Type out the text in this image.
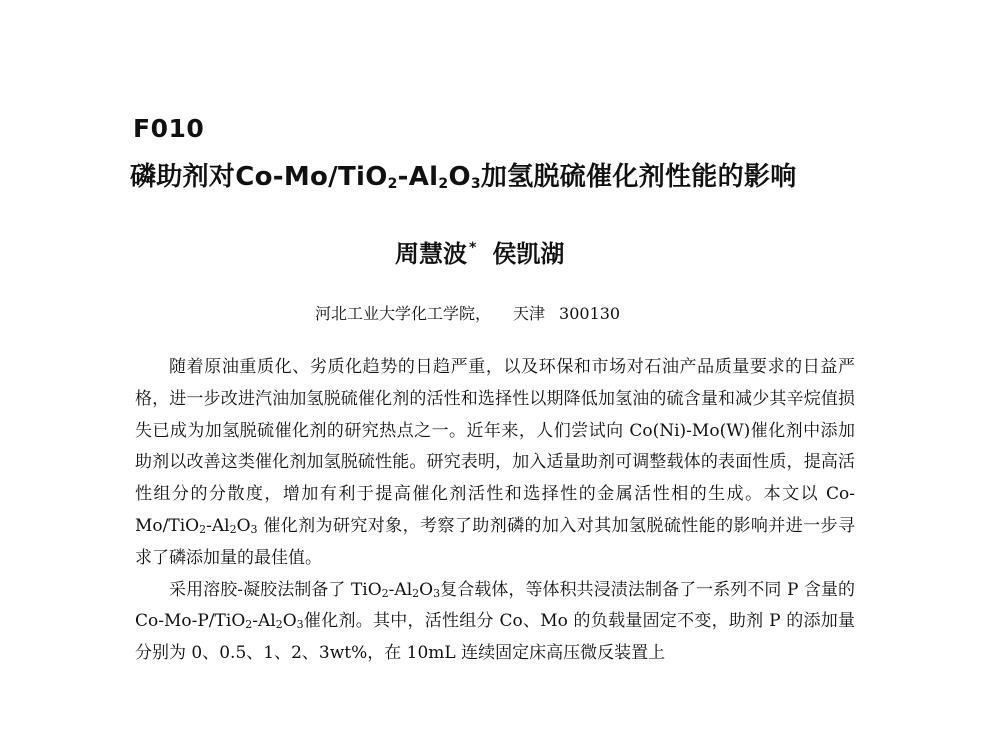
F010
磷助剂对$Co-Mo/TiO_2-Al_2O_3$加氢脱硫催化剂性能的影响
周慧波 * 侯凯湖
河北工业大学化工学院， 天津 300130

随着原油重质化、劣质化趋势的日趋严重，以及环保和市场对石油产品质量要求的日益严格，进一步改进汽油加氢脱硫催化剂的活性和选择性以期降低加氢油的硫含量和减少其辛烷值损失已成为加氢脱硫催化剂的研究热点之一。近年来，人们尝试向 Co(Ni)-Mo(W)催化剂中添加助剂以改善这类催化剂加氢脱硫性能。研究表明，加入适量助剂可调整载体的表面性质，提高活性组分的分散度，增加有利于提高催化剂活性和选择性的金属活性相的生成。本文以 $Co-Mo/TiO_2-Al_2O_3$ 催化剂为研究对象，考察了助剂磷的加入对其加氢脱硫性能的影响并进一步寻求了磷添加量的最佳值。

采用溶胶-凝胶法制备了 $TiO_2-Al_2O_3$复合载体，等体积共浸渍法制备了一系列不同 P 含量的 $Co-Mo-P/TiO_2-Al_2O_3$催化剂。其中，活性组分 Co、Mo 的负载量固定不变，助剂 P 的添加量分别为 0、0.5、1、2、3wt%，在 10mL 连续固定床高压微反装置上
